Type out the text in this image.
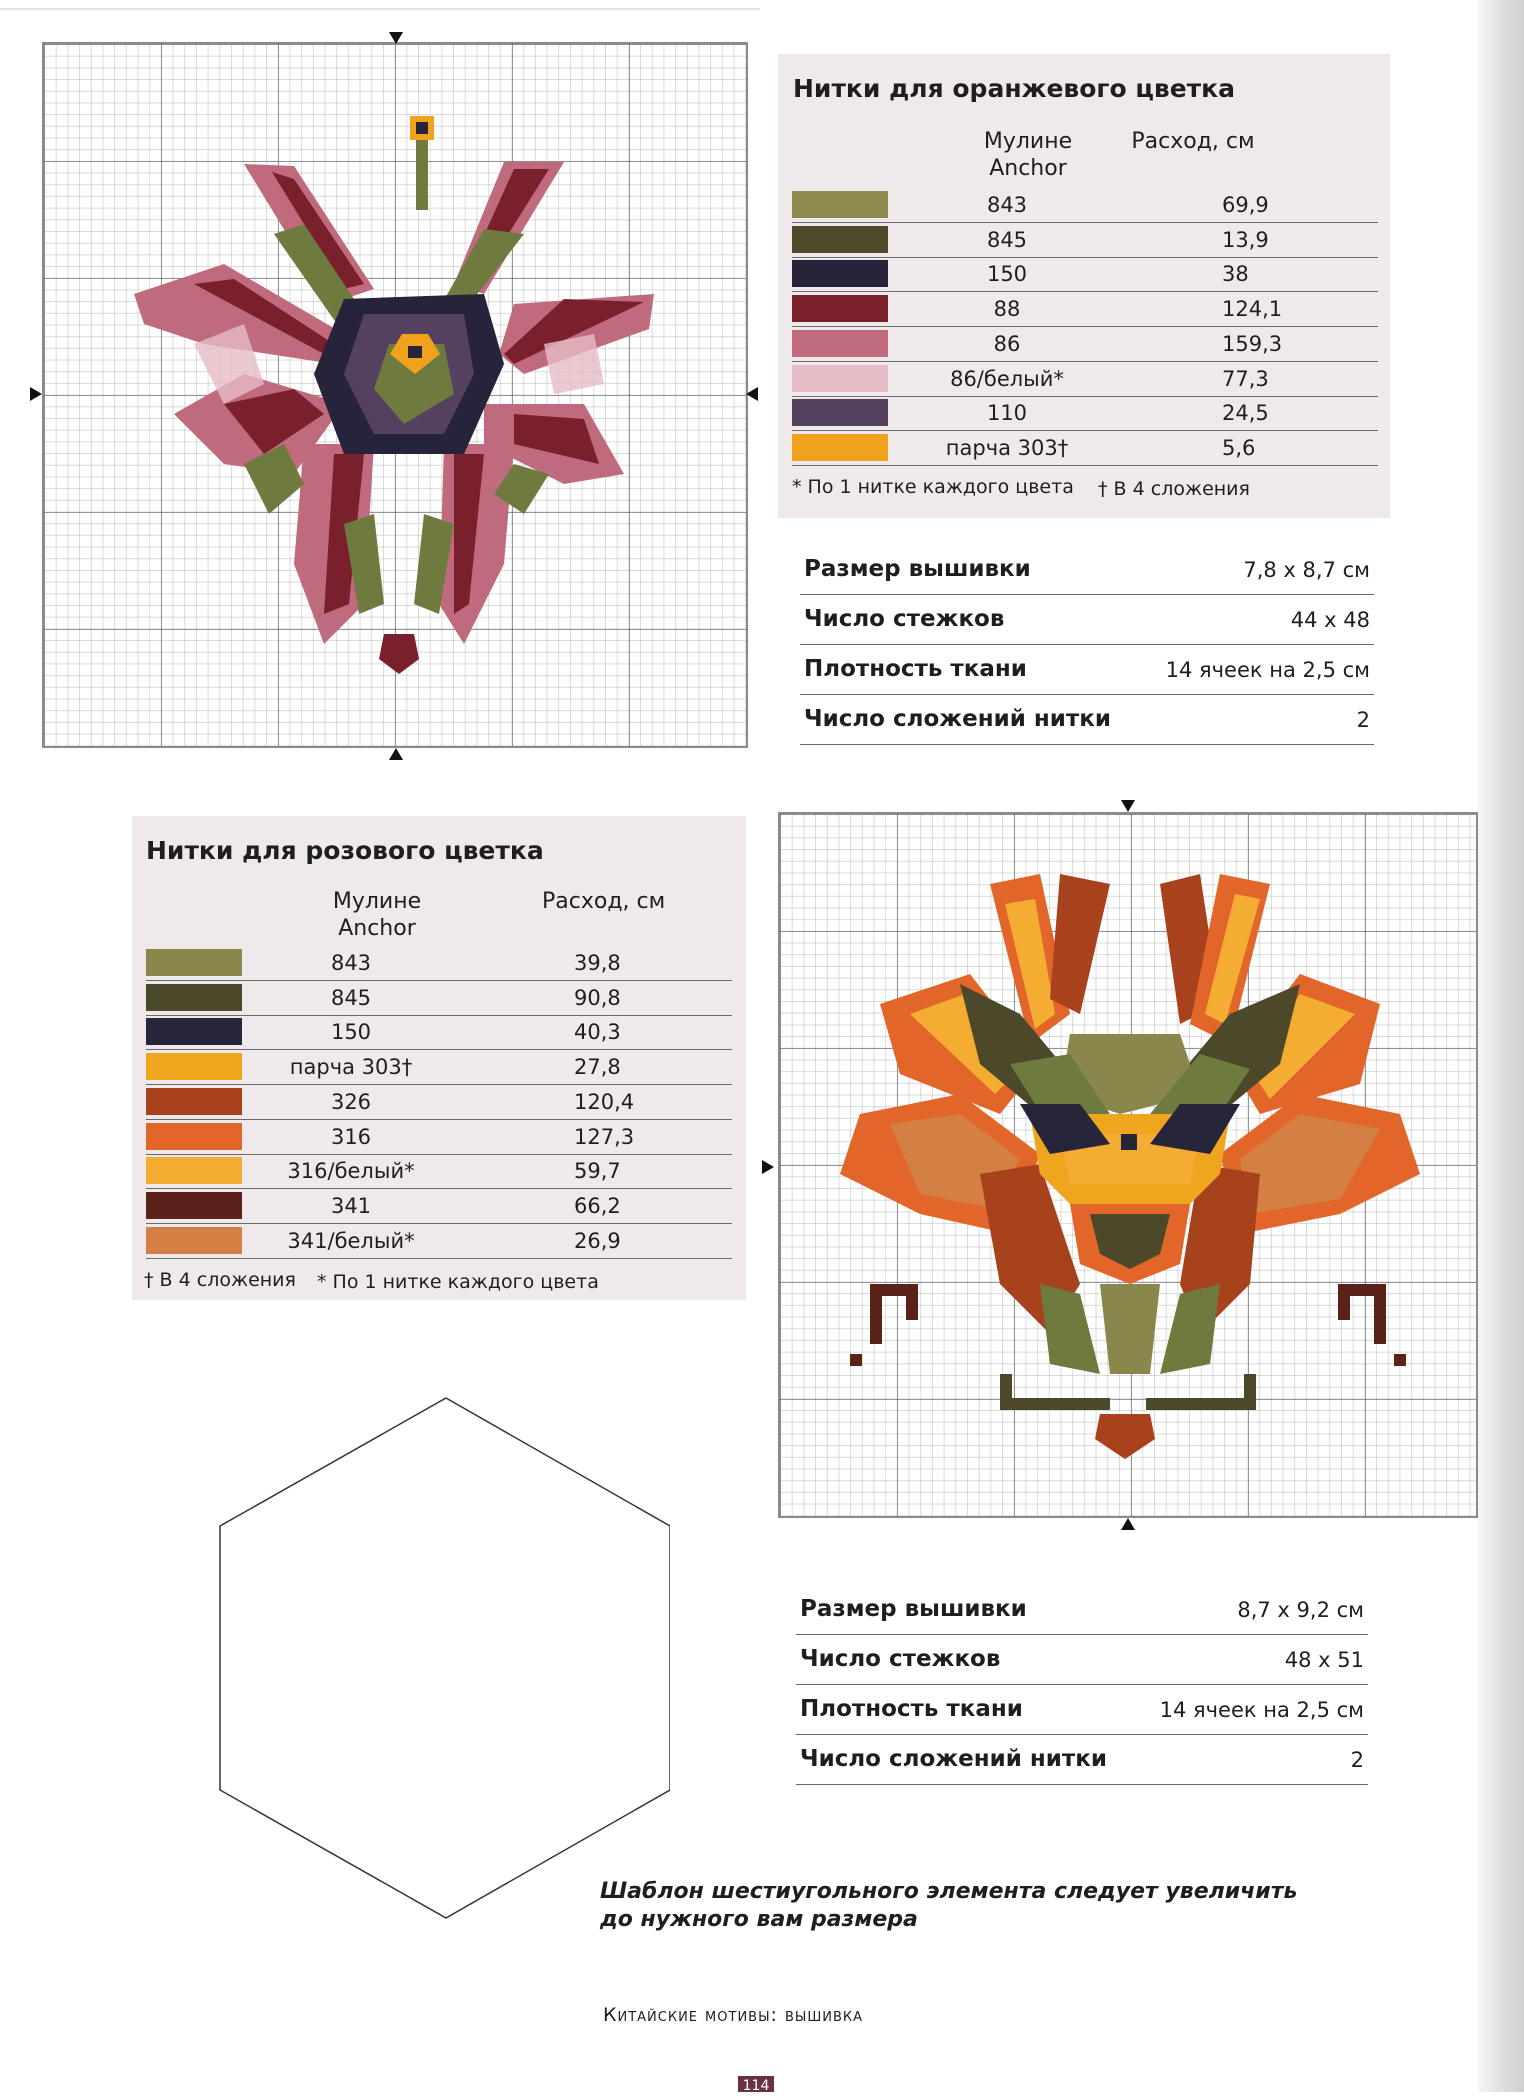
Нитки для оранжевого цветка
Мулине Anchor
Расход, см
843	69,9
845	13,9
150	38
88	124,1
86	159,3
86/белый*	77,3
110	24,5
парча 303†	5,6
* По 1 нитке каждого цвета † В 4 сложения
Размер вышивки	7,8 x 8,7 см
Число стежков	44 x 48
Плотность ткани	14 ячеек на 2,5 см
Число сложений нитки	2
Нитки для розового цветка
Мулине Anchor
Расход, см
843	39,8
845	90,8
150	40,3
парча 303†	27,8
326	120,4
316	127,3
316/белый*	59,7
341	66,2
341/белый*	26,9
† В 4 сложения * По 1 нитке каждого цвета
Размер вышивки	8,7 x 9,2 см
Число стежков	48 x 51
Плотность ткани	14 ячеек на 2,5 см
Число сложений нитки	2
Шаблон шестиугольного элемента следует увеличить
до нужного вам размера
Китайские мотивы: вышивка
114
